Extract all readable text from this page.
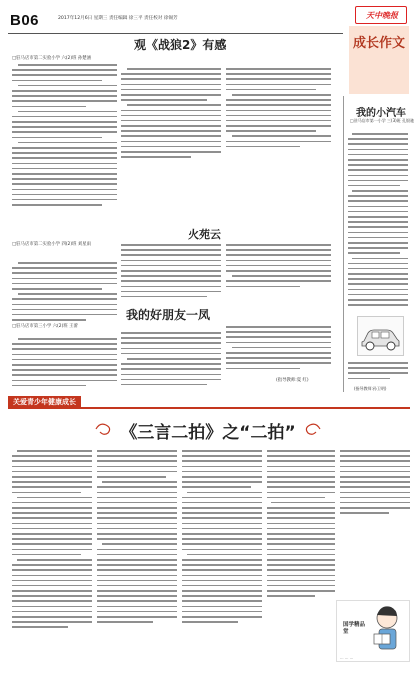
B06	2017年12月6日 星期三 责任编辑 徐三平 责任校对 徐锡芳	天中晚报
成长作文
观《战狼2》有感
□驻马店市第二实验小学 六(2)班 孙楚涵
我的小汽车
□驻马店市第一小学 三(3)班 孔银驰
(指导教师:孙卫明)
火苑云
□驻马店市第二实验小学 四(2)班 刘星雨
我的好朋友一凤
□驻马店市第三小学 六(2)班 王蕾
(指导教师:夏 红)
关爱青少年健康成长
《三言二拍》之“二拍”
国学精品堂
··· ··· ···
